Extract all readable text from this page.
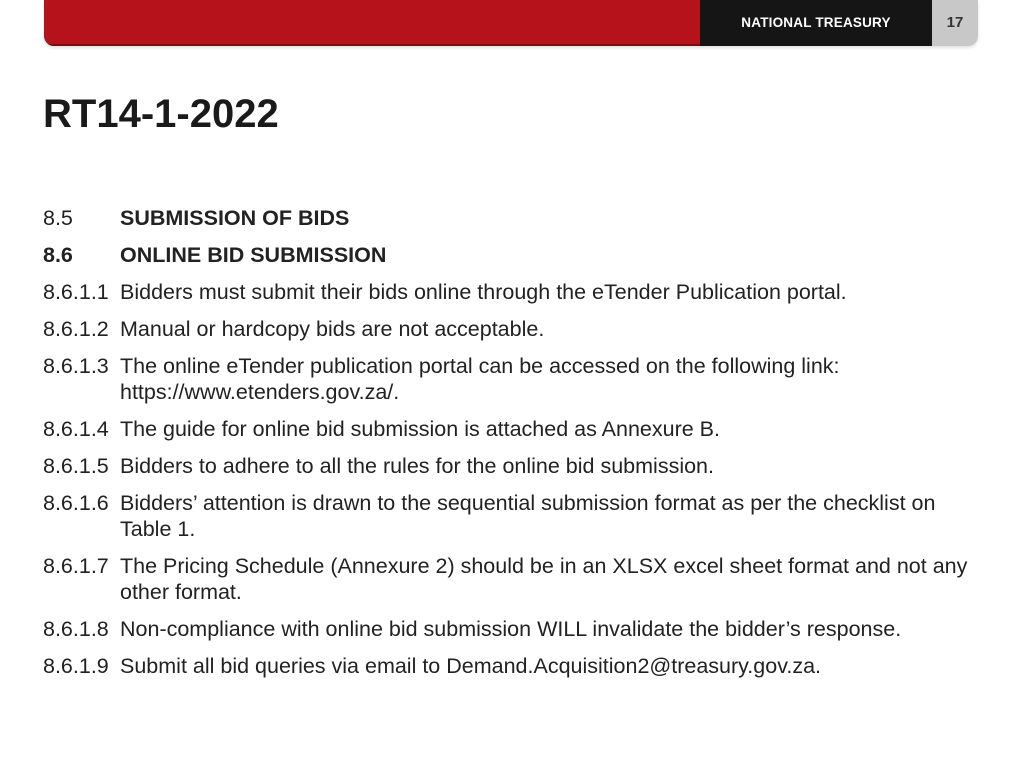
NATIONAL TREASURY	17
RT14-1-2022
8.5	SUBMISSION OF BIDS
8.6	ONLINE BID SUBMISSION
8.6.1.1 Bidders must submit their bids online through the eTender Publication portal.
8.6.1.2 Manual or hardcopy bids are not acceptable.
8.6.1.3 The online eTender publication portal can be accessed on the following link: https://www.etenders.gov.za/.
8.6.1.4 The guide for online bid submission is attached as Annexure B.
8.6.1.5 Bidders to adhere to all the rules for the online bid submission.
8.6.1.6 Bidders’ attention is drawn to the sequential submission format as per the checklist on Table 1.
8.6.1.7 The Pricing Schedule (Annexure 2) should be in an XLSX excel sheet format and not any other format.
8.6.1.8 Non-compliance with online bid submission WILL invalidate the bidder’s response.
8.6.1.9 Submit all bid queries via email to Demand.Acquisition2@treasury.gov.za.
